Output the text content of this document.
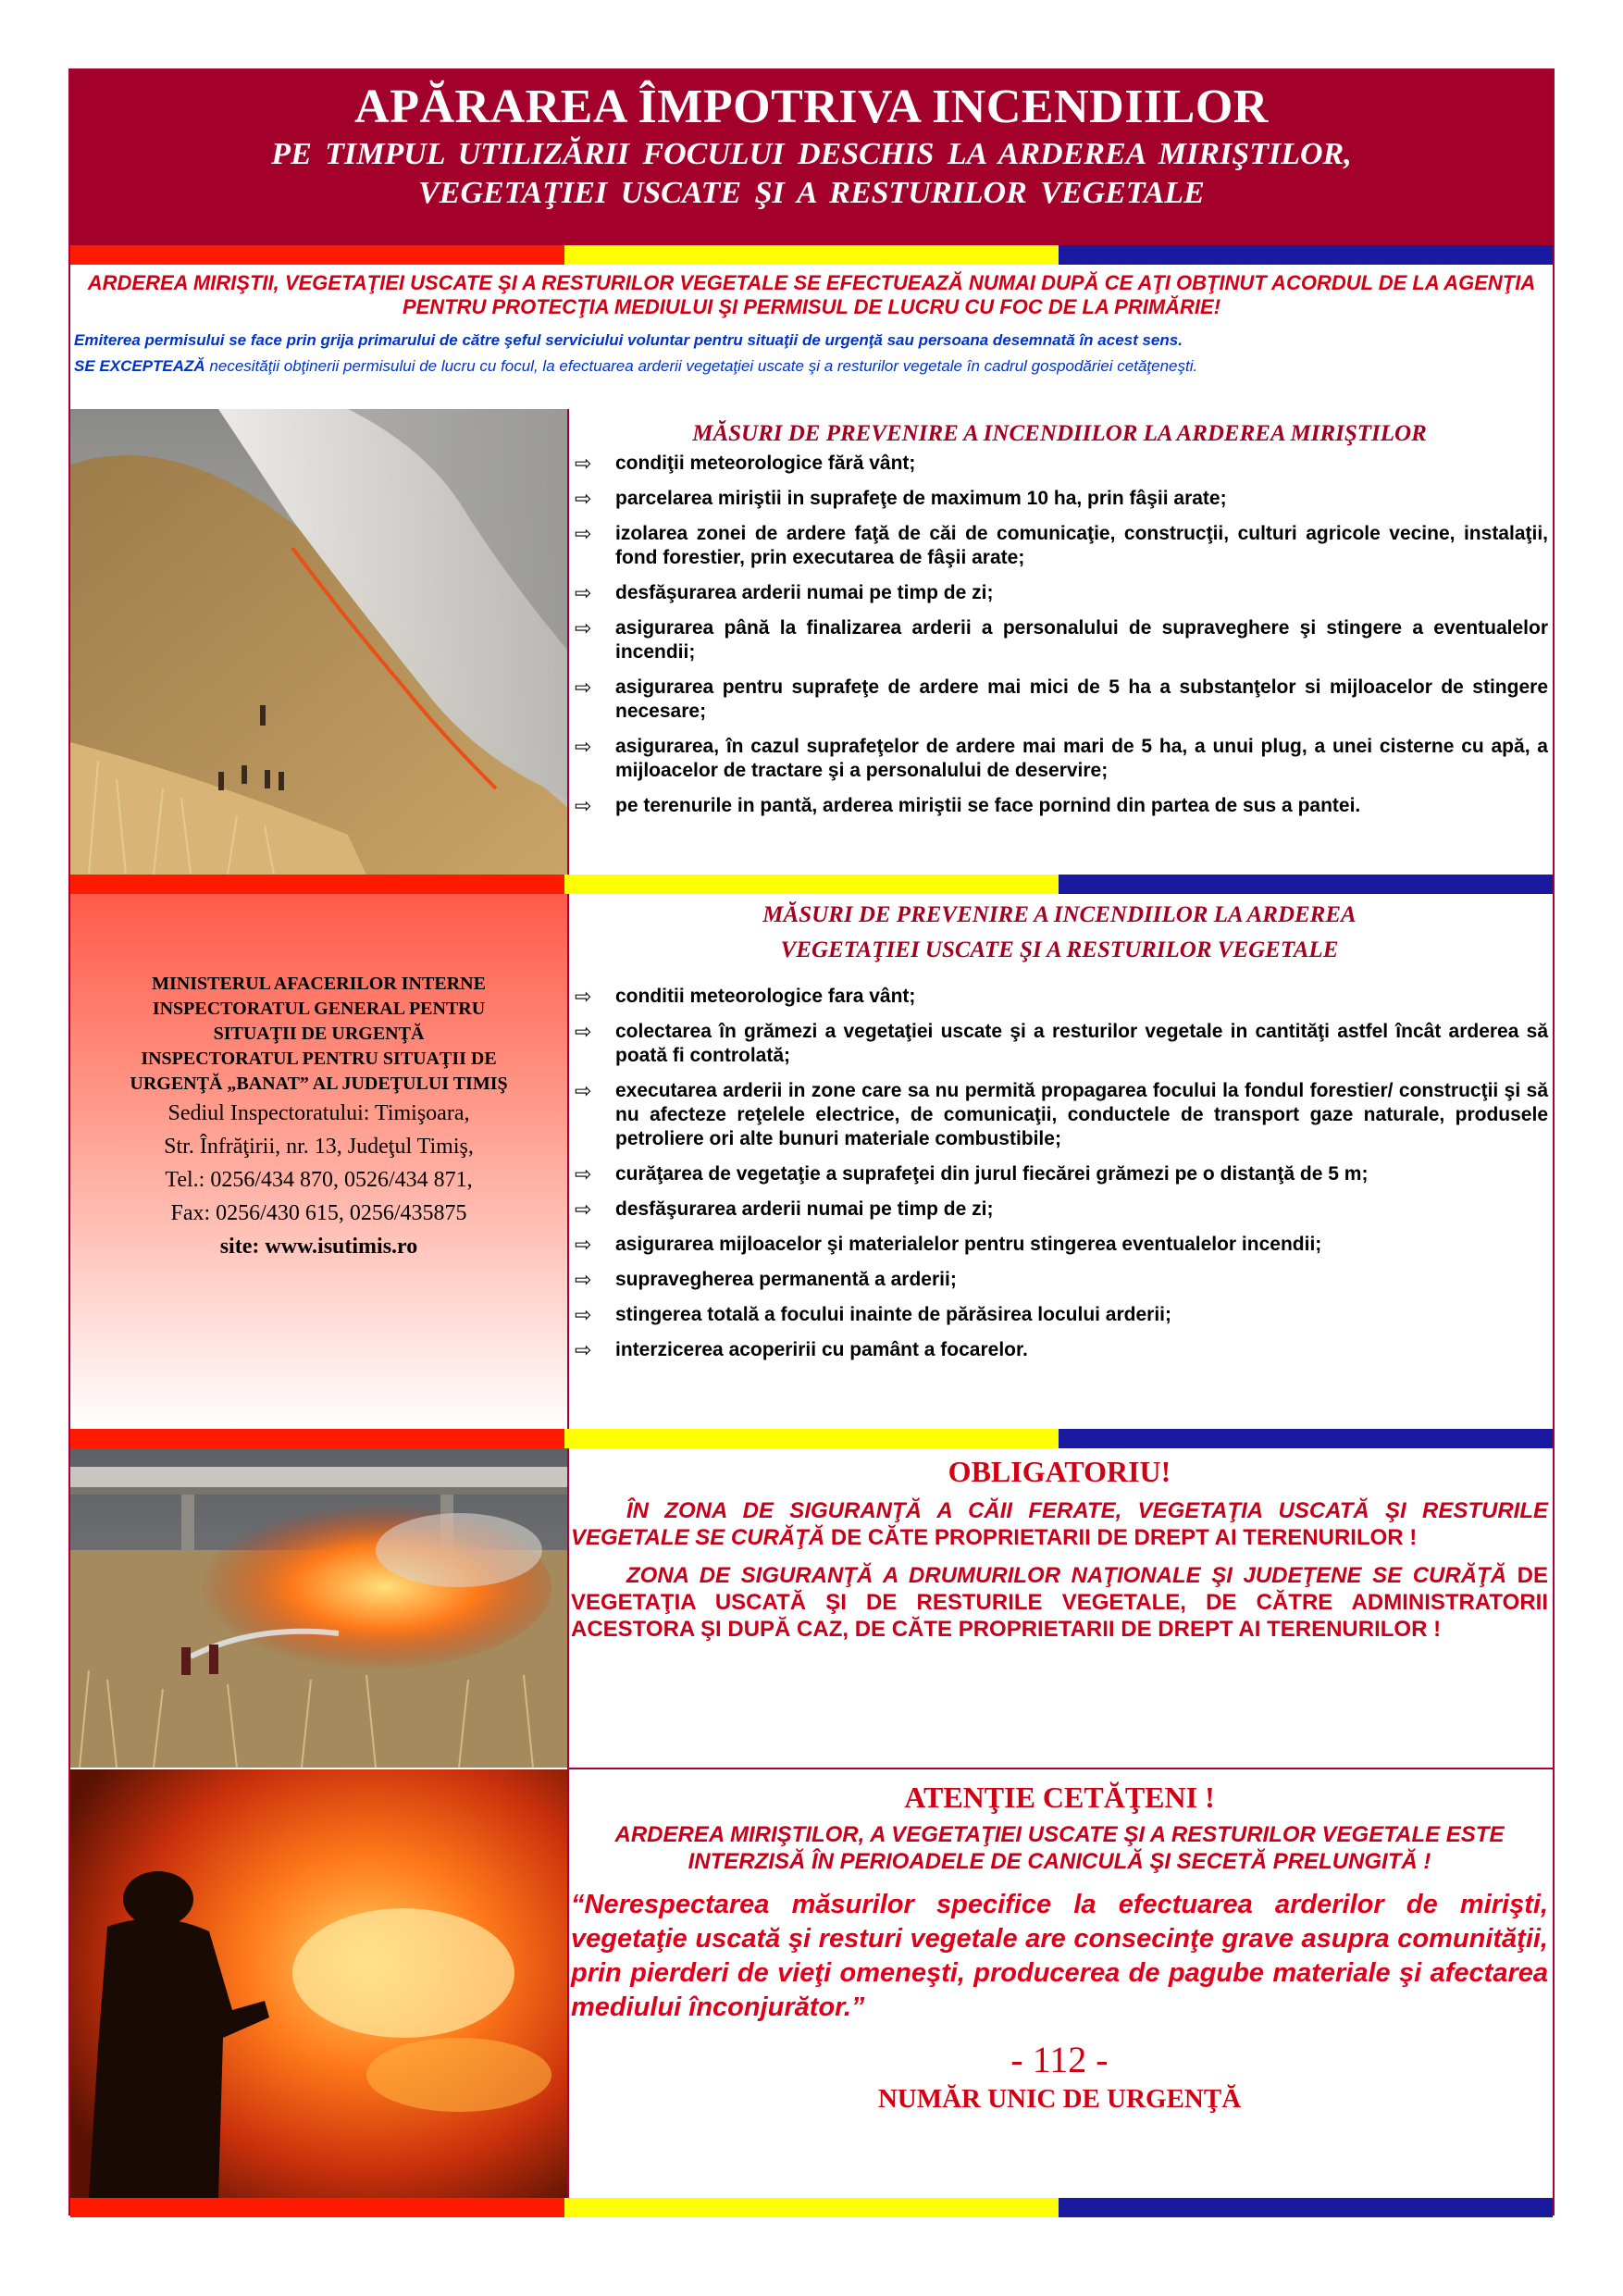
APĂRAREA ÎMPOTRIVA INCENDIILOR
PE TIMPUL UTILIZĂRII FOCULUI DESCHIS LA ARDEREA MIRIŞTILOR,
VEGETAŢIEI USCATE ŞI A RESTURILOR VEGETALE
ARDEREA MIRIŞTII, VEGETAŢIEI USCATE ŞI A RESTURILOR VEGETALE SE EFECTUEAZĂ NUMAI DUPĂ CE AŢI OBŢINUT ACORDUL DE LA AGENŢIA PENTRU PROTECŢIA MEDIULUI ŞI PERMISUL DE LUCRU CU FOC DE LA PRIMĂRIE!
Emiterea permisului se face prin grija primarului de către şeful serviciului voluntar pentru situaţii de urgenţă sau persoana desemnată în acest sens.
SE EXCEPTEAZĂ necesităţii obţinerii permisului de lucru cu focul, la efectuarea arderii vegetaţiei uscate şi a resturilor vegetale în cadrul gospodăriei cetăţeneşti.
MĂSURI DE PREVENIRE A INCENDIILOR LA ARDEREA MIRIŞTILOR
⇨ condiţii meteorologice fără vânt;
⇨ parcelarea miriştii in suprafeţe de maximum 10 ha, prin fâşii arate;
⇨ izolarea zonei de ardere faţă de căi de comunicaţie, construcţii, culturi agricole vecine, instalaţii, fond forestier, prin executarea de fâşii arate;
⇨ desfăşurarea arderii numai pe timp de zi;
⇨ asigurarea până la finalizarea arderii a personalului de supraveghere şi stingere a eventualelor incendii;
⇨ asigurarea pentru suprafeţe de ardere mai mici de 5 ha a substanţelor si mijloacelor de stingere necesare;
⇨ asigurarea, în cazul suprafeţelor de ardere mai mari de 5 ha, a unui plug, a unei cisterne cu apă, a mijloacelor de tractare şi a personalului de deservire;
⇨ pe terenurile in pantă, arderea miriştii se face pornind din partea de sus a pantei.
MINISTERUL AFACERILOR INTERNE
INSPECTORATUL GENERAL PENTRU
SITUAŢII DE URGENŢĂ
INSPECTORATUL PENTRU SITUAŢII DE
URGENŢĂ „BANAT” AL JUDEŢULUI TIMIŞ
Sediul Inspectoratului: Timişoara,
Str. Înfrăţirii, nr. 13, Judeţul Timiş,
Tel.: 0256/434 870, 0526/434 871,
Fax: 0256/430 615, 0256/435875
site: www.isutimis.ro
MĂSURI DE PREVENIRE A INCENDIILOR LA ARDEREA
VEGETAŢIEI USCATE ŞI A RESTURILOR VEGETALE
⇨ conditii meteorologice fara vânt;
⇨ colectarea în grămezi a vegetaţiei uscate şi a resturilor vegetale in cantităţi astfel încât arderea să poată fi controlată;
⇨ executarea arderii in zone care sa nu permită propagarea focului la fondul forestier/ construcţii şi să nu afecteze reţelele electrice, de comunicaţii, conductele de transport gaze naturale, produsele petroliere ori alte bunuri materiale combustibile;
⇨ curăţarea de vegetaţie a suprafeţei din jurul fiecărei grămezi pe o distanţă de 5 m;
⇨ desfăşurarea arderii numai pe timp de zi;
⇨ asigurarea mijloacelor şi materialelor pentru stingerea eventualelor incendii;
⇨ supravegherea permanentă a arderii;
⇨ stingerea totală a focului inainte de părăsirea locului arderii;
⇨ interzicerea acoperirii cu pamânt a focarelor.
OBLIGATORIU!
ÎN ZONA DE SIGURANŢĂ A CĂII FERATE, VEGETAŢIA USCATĂ ŞI RESTURILE VEGETALE SE CURĂŢĂ DE CĂTE PROPRIETARII DE DREPT AI TERENURILOR !
ZONA DE SIGURANŢĂ A DRUMURILOR NAŢIONALE ŞI JUDEŢENE SE CURĂŢĂ DE VEGETAŢIA USCATĂ ŞI DE RESTURILE VEGETALE, DE CĂTRE ADMINISTRATORII ACESTORA ŞI DUPĂ CAZ, DE CĂTE PROPRIETARII DE DREPT AI TERENURILOR !
ATENŢIE CETĂŢENI !
ARDEREA MIRIŞTILOR, A VEGETAŢIEI USCATE ŞI A RESTURILOR VEGETALE ESTE INTERZISĂ ÎN PERIOADELE DE CANICULĂ ŞI SECETĂ PRELUNGITĂ !
“Nerespectarea măsurilor specifice la efectuarea arderilor de mirişti, vegetaţie uscată şi resturi vegetale are consecinţe grave asupra comunităţii, prin pierderi de vieţi omeneşti, producerea de pagube materiale şi afectarea mediului înconjurător.”
- 112 -
NUMĂR UNIC DE URGENŢĂ
